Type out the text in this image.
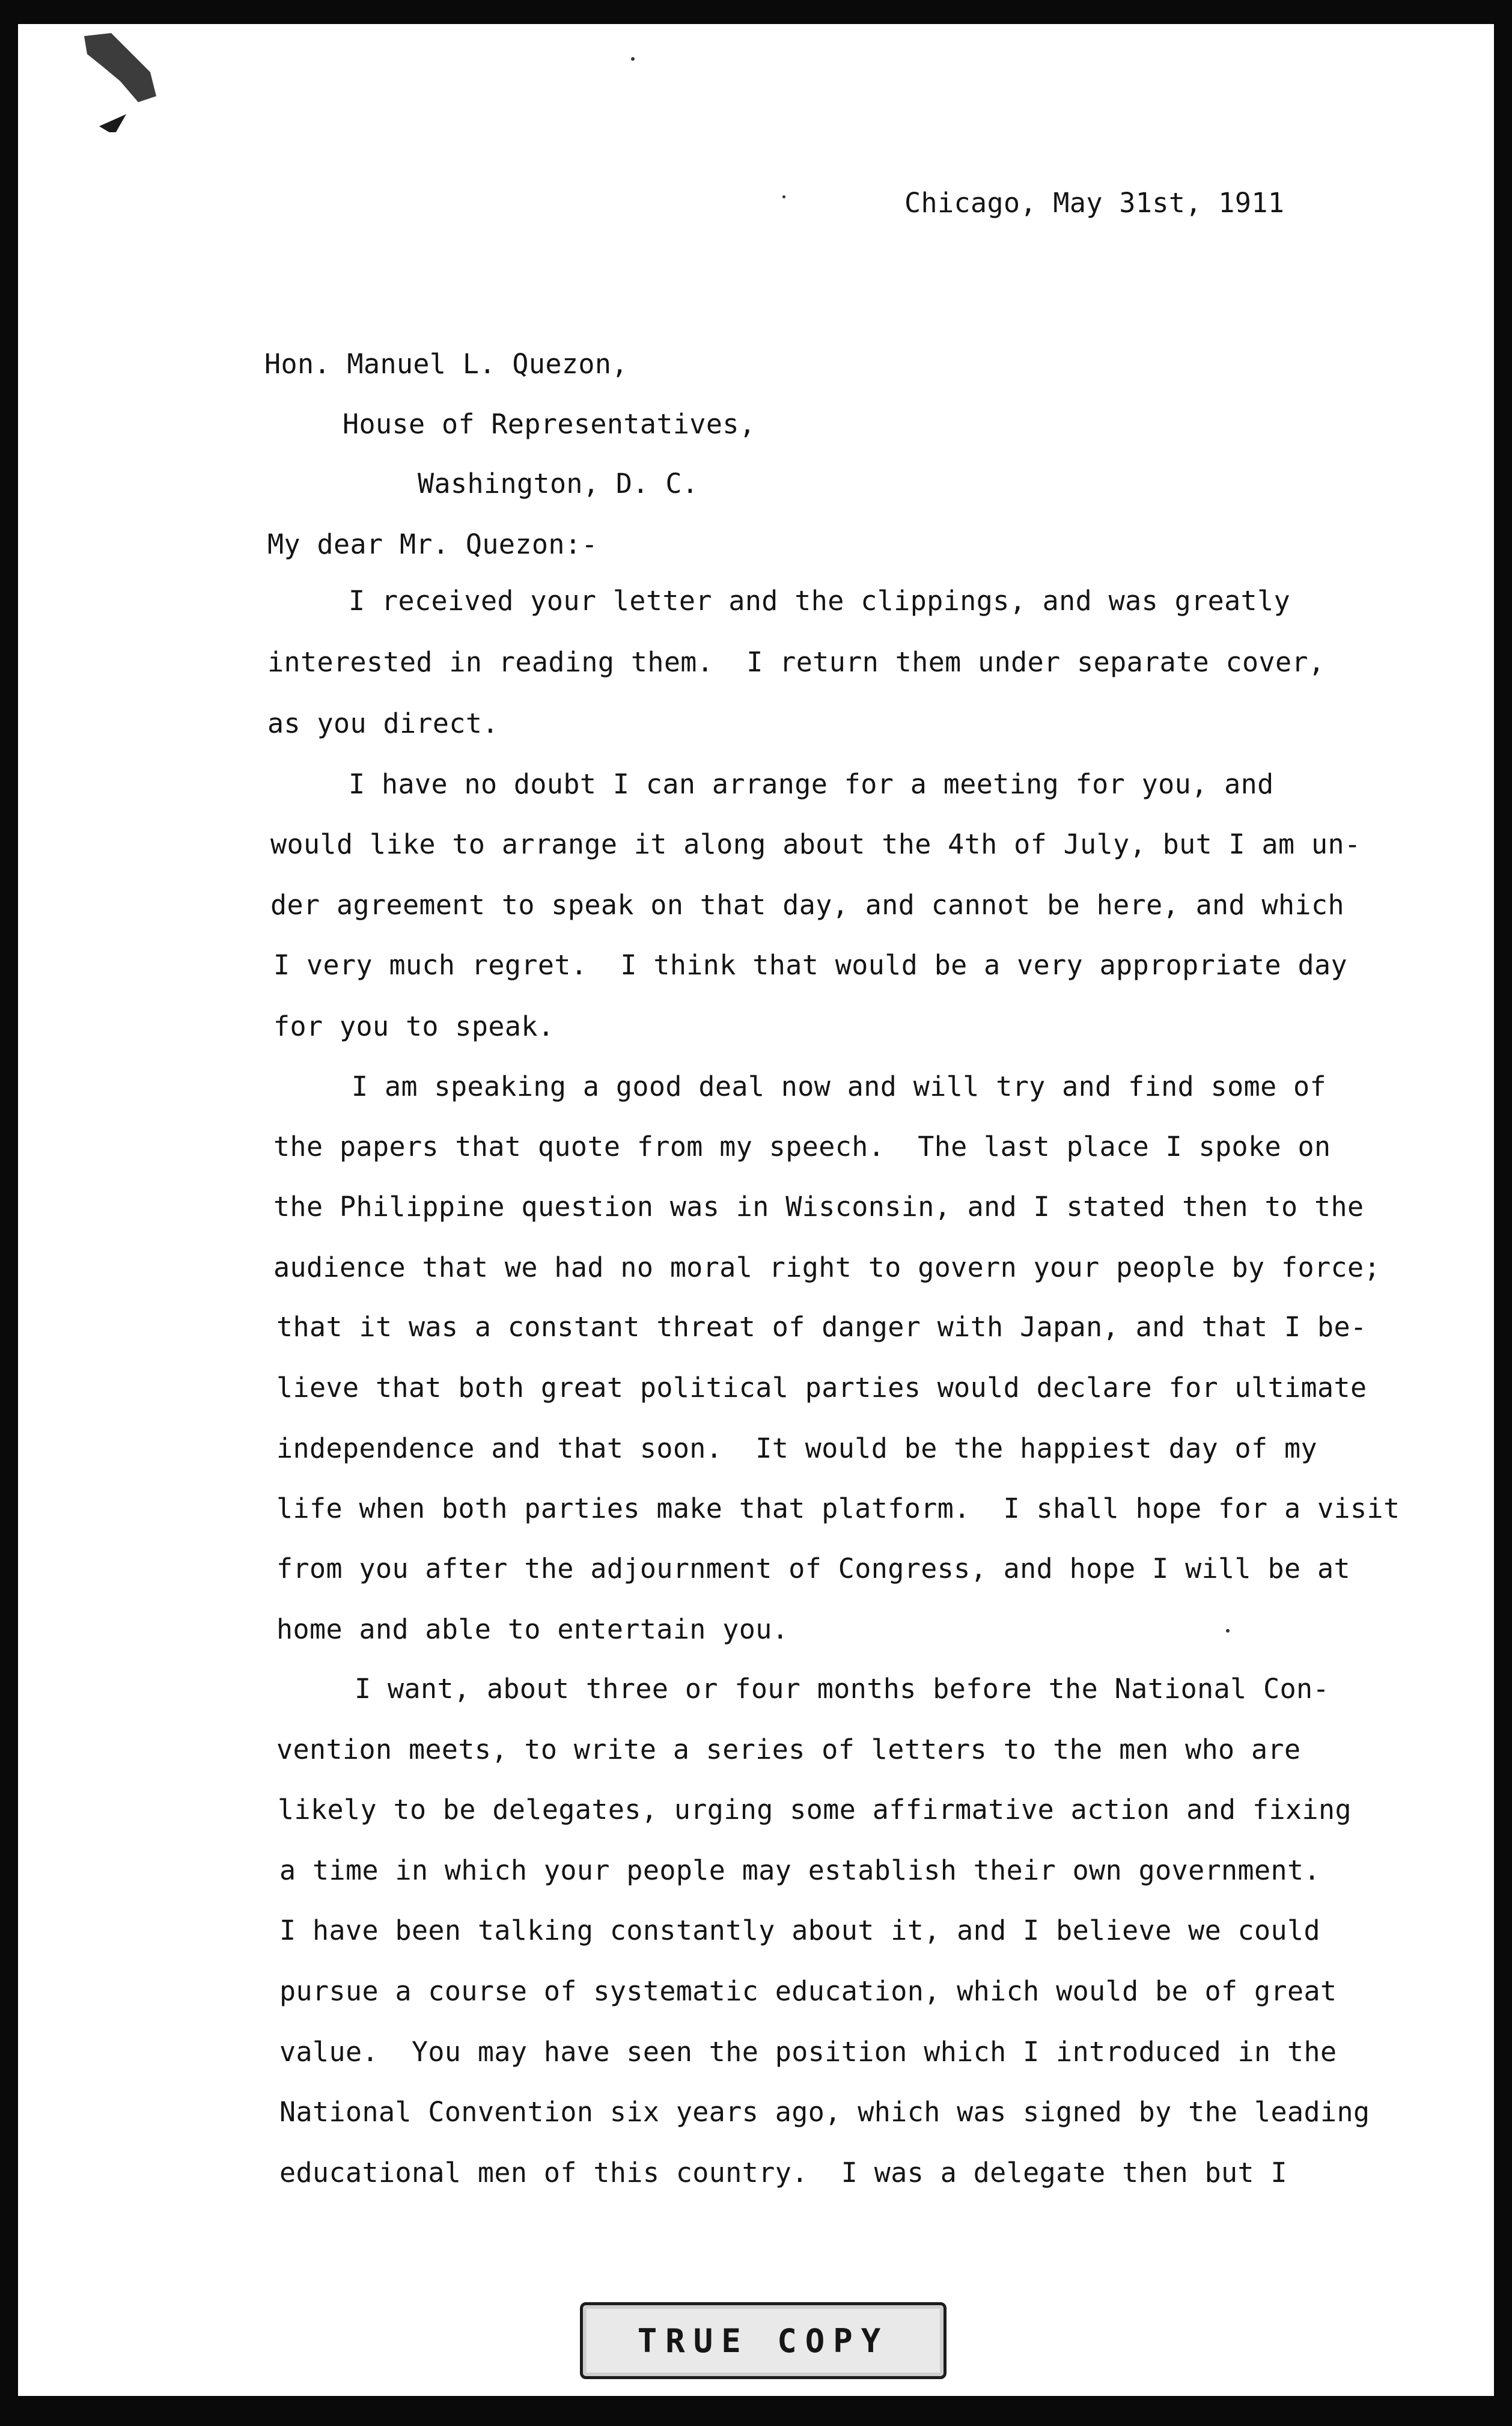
Chicago, May 31st, 1911
Hon. Manuel L. Quezon,
House of Representatives,
Washington, D. C.
My dear Mr. Quezon:-
I received your letter and the clippings, and was greatly
interested in reading them.  I return them under separate cover,
as you direct.
I have no doubt I can arrange for a meeting for you, and
would like to arrange it along about the 4th of July, but I am un-
der agreement to speak on that day, and cannot be here, and which
I very much regret.  I think that would be a very appropriate day
for you to speak.
I am speaking a good deal now and will try and find some of
the papers that quote from my speech.  The last place I spoke on
the Philippine question was in Wisconsin, and I stated then to the
audience that we had no moral right to govern your people by force;
that it was a constant threat of danger with Japan, and that I be-
lieve that both great political parties would declare for ultimate
independence and that soon.  It would be the happiest day of my
life when both parties make that platform.  I shall hope for a visit
from you after the adjournment of Congress, and hope I will be at
home and able to entertain you.
I want, about three or four months before the National Con-
vention meets, to write a series of letters to the men who are
likely to be delegates, urging some affirmative action and fixing
a time in which your people may establish their own government.
I have been talking constantly about it, and I believe we could
pursue a course of systematic education, which would be of great
value.  You may have seen the position which I introduced in the
National Convention six years ago, which was signed by the leading
educational men of this country.  I was a delegate then but I
TRUE COPY
